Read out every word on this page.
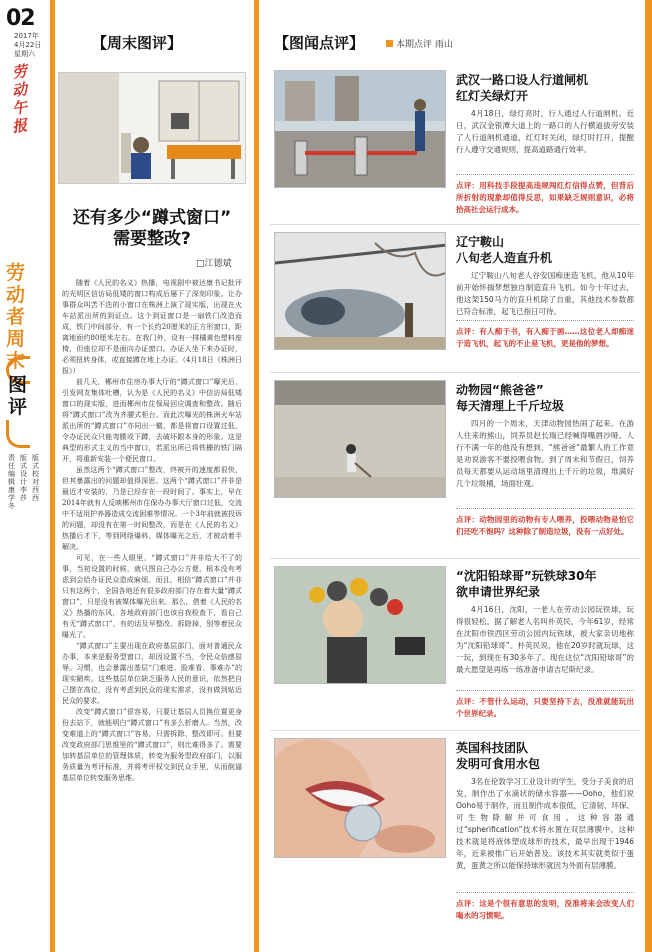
02
2017年
4月22日
星期六
劳
动
午
报
劳动者周末
图评
责任编辑 康学冬
版式设计 李莎
版式校对 西西
【周末图评】
还有多少“蹲式窗口”
需要整改?
□江德斌

随着《人民的名义》热播，电视剧中被达康书记批评的光明区信访局低矮的窗口构成后屡下了深刻印象。让办事群众叫苦不迭的小窗口在株洲上演了现实版，出现在火车站派出所的到证点。这个到证窗口是一扇铁门改造而成，铁门中间部分，有一个长约20厘米的正方形窗口，距离地面约80厘米左右。在我门外，设有一排橘黄色塑料座椅，但座位却不是面向办证窗口。办证人坐下来办证时，必须扭转身体，或直接蹲在地上办证。（4月18日《株洲日报》）

前几天，郴州市住房办事大厅的“蹲式窗口”曝光后，引发网友集体吐槽，认为是《人民的名义》中信访局低矮窗口的现实版，进而郴州市住保局回应调查和整改。随后将“蹲式窗口”改为齐腰式柜台。而此次曝光的株洲火车站派出所的“蹲式窗口”亦同出一辙，都是将窗口设置过低，令办证民众只能弯腰或下蹲，去破坏跟本身的形象。这是典型的形式主义的当中窗口，若派出所已将铁栅的铁门隔开，将重新安装一个便民窗口。

虽然这两个“蹲式窗口”整改，终被开的速度都很快，但其暴露出的问题却值得深思。这两个“蹲式窗口”并非是最近才安装的，乃是已经存在一段时间了。事实上，早在2014年就有人反映郴州市住保办办事大厅窗口过低，交流中不适用护养器造成交流困难等情况。一个3年前就被投诉的问题，却没有在第一时间整改，而是在《人民的名义》热播后才下，等到网络爆料、媒体曝光之后，才被动着手解决。

可见，在一些人眼里，“蹲式窗口”并非给大不了的事，当初设置的时候，就只图自己办公方便，根本没有考虑到会给办证民众造成麻烦。而且，相信“蹲式窗口”并非只有这两个，全国各地还有很多政府部门存在着大量“蹲式窗口”，只是没有被媒体曝光出来。那么，借着《人民的名义》热播的东风，各地政府部门也该自我检查下，看自己有无“蹲式窗口”，有的话及早整改、拆除掉，别等着民众曝光了。

“蹲式窗口”主要出现在政府基层部门，面对普通民众办事，本来是服务型窗口，却因设置不当，令民众倍感屈辱。习惯，也会暴露出基层“门难进、脸难看、事难办”的现实陋疾。这些基层单位缺乏服务人民的意识，依然把自己摆在高位，没有考虑到民众的现实需求，没有做到贴近民众的要求。

改变“蹲式窗口”很容易，只要让基层人员换位置更身份去站下，就能明白“蹲式窗口”有多么折磨人。当然，改变难道上的“蹲式窗口”容易，只需拆除、整改即可。但要改变政府部门思维里的“蹲式窗口”，则比难得多了。需要加转基层单位的管理体质，转变为服务型政府部门，以服务质量为考评标准，并将考评权交到民众手里，从而倒逼基层单位转变服务思维。

【图闻点评】	本期点评 雨山
武汉一路口设人行道闸机
红灯关绿灯开
4月18日，绿灯亮时，行人通过人行道闸机。近日，武汉金银潭大道上的一路口的人行横道拔旁安装了人行道闸机通道，红灯时关闭，绿灯时打开，提醒行人遵守交通规则，提高道路通行效率。
点评：用科技手段提高违规闯红灯信得点赞，但背后所折射的现象却值得反思，如果缺乏规则意识，必将拾高社会运行成本。
辽宁鞍山
八旬老人造直升机
辽宁鞍山八旬老人谷安国痴迷造飞机，他从10年前开始怀揣梦想独自制造直升飞机。如今十年过去，他这架150马力的直升机除了自重，其他技术参数都已符合标准，起飞已指日可待。
点评：有人痴于书，有人痴于画……这位老人却痴迷于造飞机，起飞的不止是飞机，更是他的梦想。
动物园“熊爸爸”
每天清理上千斤垃圾
四月的一个周末，天津动物园热闹了起来。在游人往来的熊山，饲养员赵长瑞已经喊得嘴唇沙哑。人行不满一年的他没有想到，“熊爸爸”最繁人的工作竟是劝说游客不要投喂食物。到了周末和节假日，饲养员每天都要从运动场里清理出上千斤的垃圾，堆满好几个垃圾桶，场面壮观。
点评：动物园里的动物有专人喂养，投喂动物是怕它们还吃不饱吗？这种除了制造垃圾，没有一点好处。
“沈阳铅球哥”玩铁球30年
欲申请世界纪录
4月16日，沈阳，一老人在劳动公园玩铁球，玩得很轻松。据了解老人名叫朴英民，今年61岁，经常在沈阳市铁西区劳动公园内玩铁球，被大家亲切地称为“沈阳铅球哥”。朴英民说，他在20岁时就玩球，这一玩，到现在有30多年了。现在这位“沈阳铅球哥”的最大愿望是再练一练准备申请吉尼斯纪录。
点评：不管什么运动，只要坚持下去，没准就能玩出个世界纪录。
英国科技团队
发明可食用水包
3名在伦敦学习工业设计的学生，受分子美食的启发，制作出了水滴状的储水容器——Ooho，他们说Ooho易于制作，而且制作成本很低，它清韧、环保、可生物降解并可食用。这种容器通过“spherification”技术将水置在双层薄膜中。这种技术就是将液体塑成球形的技术，最早出现于1946年，近来被推广后开始普及。该技术其实就类似于蛋黄，蛋黄之所以能保持球形就因为外面有层薄膜。
点评：这是个很有意思的发明，没准将来会改变人们喝水的习惯呢。
